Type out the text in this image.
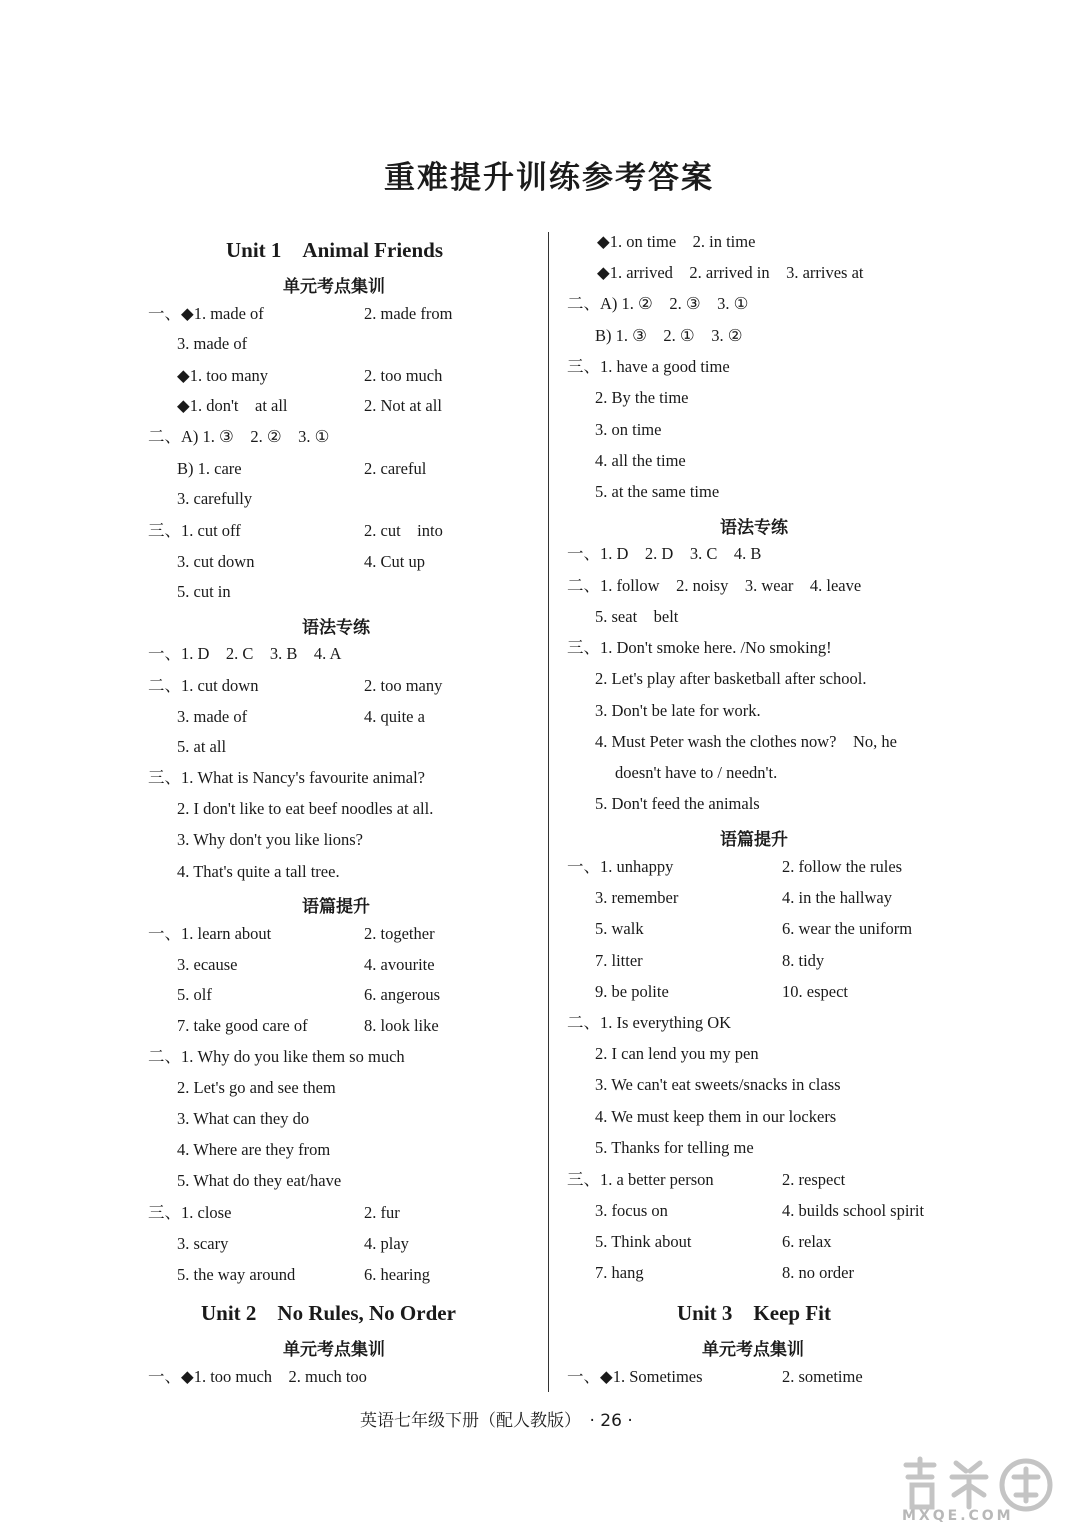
重难提升训练参考答案
Unit 1　Animal Friends
单元考点集训
一、◆1. made of	2. made from
3. made of
◆1. too many	2. too much
◆1. don't　at all	2. Not at all
二、A) 1. ③　2. ②　3. ①
B) 1. care	2. careful
3. carefully
三、1. cut off	2. cut　into
3. cut down	4. Cut up
5. cut in
语法专练
一、1. D　2. C　3. B　4. A
二、1. cut down	2. too many
3. made of	4. quite a
5. at all
三、1. What is Nancy's favourite animal?
2. I don't like to eat beef noodles at all.
3. Why don't you like lions?
4. That's quite a tall tree.
语篇提升
一、1. learn about	2. together
3. ecause	4. avourite
5. olf	6. angerous
7. take good care of	8. look like
二、1. Why do you like them so much
2. Let's go and see them
3. What can they do
4. Where are they from
5. What do they eat/have
三、1. close	2. fur
3. scary	4. play
5. the way around	6. hearing
Unit 2　No Rules, No Order
单元考点集训
一、◆1. too much　2. much too
◆1. on time　2. in time
◆1. arrived　2. arrived in　3. arrives at
二、A) 1. ②　2. ③　3. ①
B) 1. ③　2. ①　3. ②
三、1. have a good time
2. By the time
3. on time
4. all the time
5. at the same time
语法专练
一、1. D　2. D　3. C　4. B
二、1. follow　2. noisy　3. wear　4. leave
5. seat　belt
三、1. Don't smoke here. /No smoking!
2. Let's play after basketball after school.
3. Don't be late for work.
4. Must Peter wash the clothes now?　No, he
doesn't have to / needn't.
5. Don't feed the animals
语篇提升
一、1. unhappy	2. follow the rules
3. remember	4. in the hallway
5. walk	6. wear the uniform
7. litter	8. tidy
9. be polite	10. espect
二、1. Is everything OK
2. I can lend you my pen
3. We can't eat sweets/snacks in class
4. We must keep them in our lockers
5. Thanks for telling me
三、1. a better person	2. respect
3. focus on	4. builds school spirit
5. Think about	6. relax
7. hang	8. no order
Unit 3　Keep Fit
单元考点集训
一、◆1. Sometimes	2. sometime
英语七年级下册（配人教版）　· 26 ·
MXQE.COM
